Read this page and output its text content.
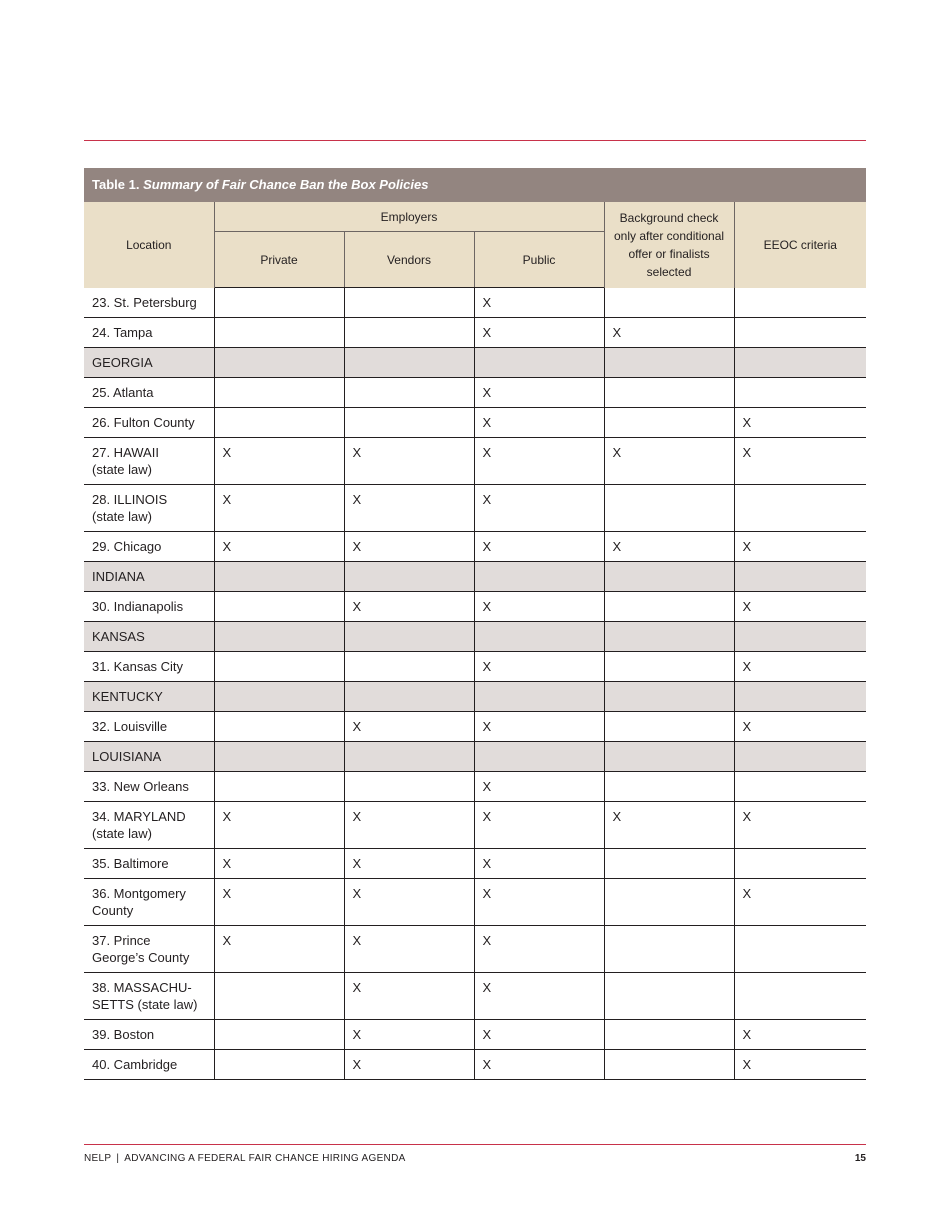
Table 1. Summary of Fair Chance Ban the Box Policies
Location	Employers			Background check only after conditional offer or finalists selected	EEOC criteria
	Private	Vendors	Public		
23. St. Petersburg			X		
24. Tampa			X	X	
GEORGIA					
25. Atlanta			X		
26. Fulton County			X		X
27. HAWAII
(state law)	X	X	X	X	X
28. ILLINOIS
(state law)	X	X	X		
29. Chicago	X	X	X	X	X
INDIANA					
30. Indianapolis		X	X		X
KANSAS					
31. Kansas City			X		X
KENTUCKY					
32. Louisville		X	X		X
LOUISIANA					
33. New Orleans			X		
34. MARYLAND
(state law)	X	X	X	X	X
35. Baltimore	X	X	X		
36. Montgomery
County	X	X	X		X
37. Prince
George’s County	X	X	X		
38. MASSACHU-
SETTS (state law)		X	X		
39. Boston		X	X		X
40. Cambridge		X	X		X
NELP | ADVANCING A FEDERAL FAIR CHANCE HIRING AGENDA	15
